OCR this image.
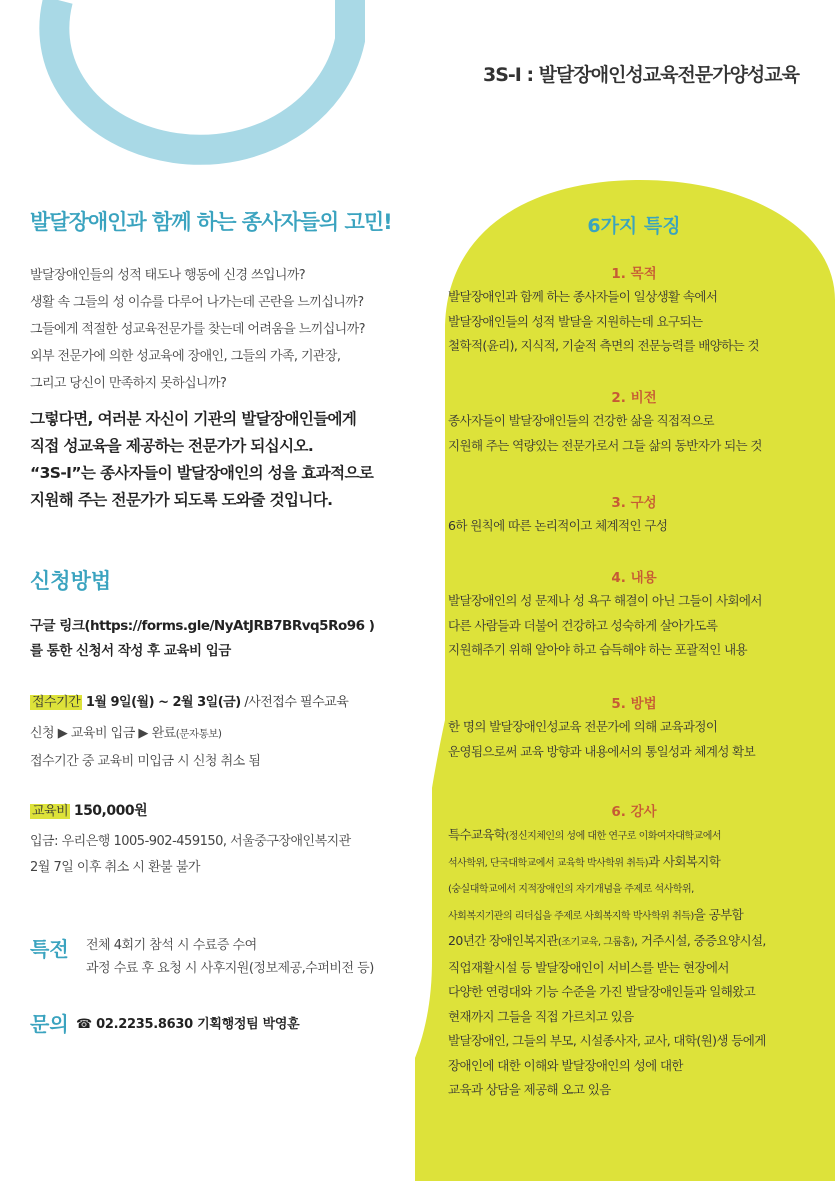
3S-I : 발달장애인성교육전문가양성교육
발달장애인과 함께 하는 종사자들의 고민!
발달장애인들의 성적 태도나 행동에 신경 쓰입니까?
생활 속 그들의 성 이슈를 다루어 나가는데 곤란을 느끼십니까?
그들에게 적절한 성교육전문가를 찾는데 어려움을 느끼십니까?
외부 전문가에 의한 성교육에 장애인, 그들의 가족, 기관장,
그리고 당신이 만족하지 못하십니까?
그렇다면, 여러분 자신이 기관의 발달장애인들에게
직접 성교육을 제공하는 전문가가 되십시오.
“3S-I”는 종사자들이 발달장애인의 성을 효과적으로
지원해 주는 전문가가 되도록 도와줄 것입니다.
신청방법
구글 링크(https://forms.gle/NyAtJRB7BRvq5Ro96 )
를 통한 신청서 작성 후 교육비 입금
접수기간 1월 9일(월) ~ 2월 3일(금) /사전접수 필수교육
신청 ▶ 교육비 입금 ▶ 완료(문자통보)
접수기간 중 교육비 미입금 시 신청 취소 됨
교육비 150,000원
입금: 우리은행 1005-902-459150, 서울중구장애인복지관
2월 7일 이후 취소 시 환불 불가
특전 전체 4회기 참석 시 수료증 수여
과정 수료 후 요청 시 사후지원(정보제공,수퍼비전 등)
문의 ☎ 02.2235.8630 기획행정팀 박영훈
6가지 특징
1. 목적
발달장애인과 함께 하는 종사자들이 일상생활 속에서
발달장애인들의 성적 발달을 지원하는데 요구되는
철학적(윤리), 지식적, 기술적 측면의 전문능력를 배양하는 것
2. 비전
종사자들이 발달장애인들의 건강한 삶을 직접적으로
지원해 주는 역량있는 전문가로서 그들 삶의 동반자가 되는 것
3. 구성
6하 원칙에 따른 논리적이고 체계적인 구성
4. 내용
발달장애인의 성 문제나 성 욕구 해결이 아닌 그들이 사회에서
다른 사람들과 더불어 건강하고 성숙하게 살아가도록
지원해주기 위해 알아야 하고 습득해야 하는 포괄적인 내용
5. 방법
한 명의 발달장애인성교육 전문가에 의해 교육과정이
운영됨으로써 교육 방향과 내용에서의 통일성과 체계성 확보
6. 강사
특수교육학(정신지체인의 성에 대한 연구로 이화여자대학교에서
석사학위, 단국대학교에서 교육학 박사학위 취득)과 사회복지학
(숭실대학교에서 지적장애인의 자기개념을 주제로 석사학위,
사회복지기관의 리더십을 주제로 사회복지학 박사학위 취득)을 공부함
20년간 장애인복지관(조기교육, 그룹홈), 거주시설, 중증요양시설,
직업재활시설 등 발달장애인이 서비스를 받는 현장에서
다양한 연령대와 기능 수준을 가진 발달장애인들과 일해왔고
현재까지 그들을 직접 가르치고 있음
발달장애인, 그들의 부모, 시설종사자, 교사, 대학(원)생 등에게
장애인에 대한 이해와 발달장애인의 성에 대한
교육과 상담을 제공해 오고 있음
